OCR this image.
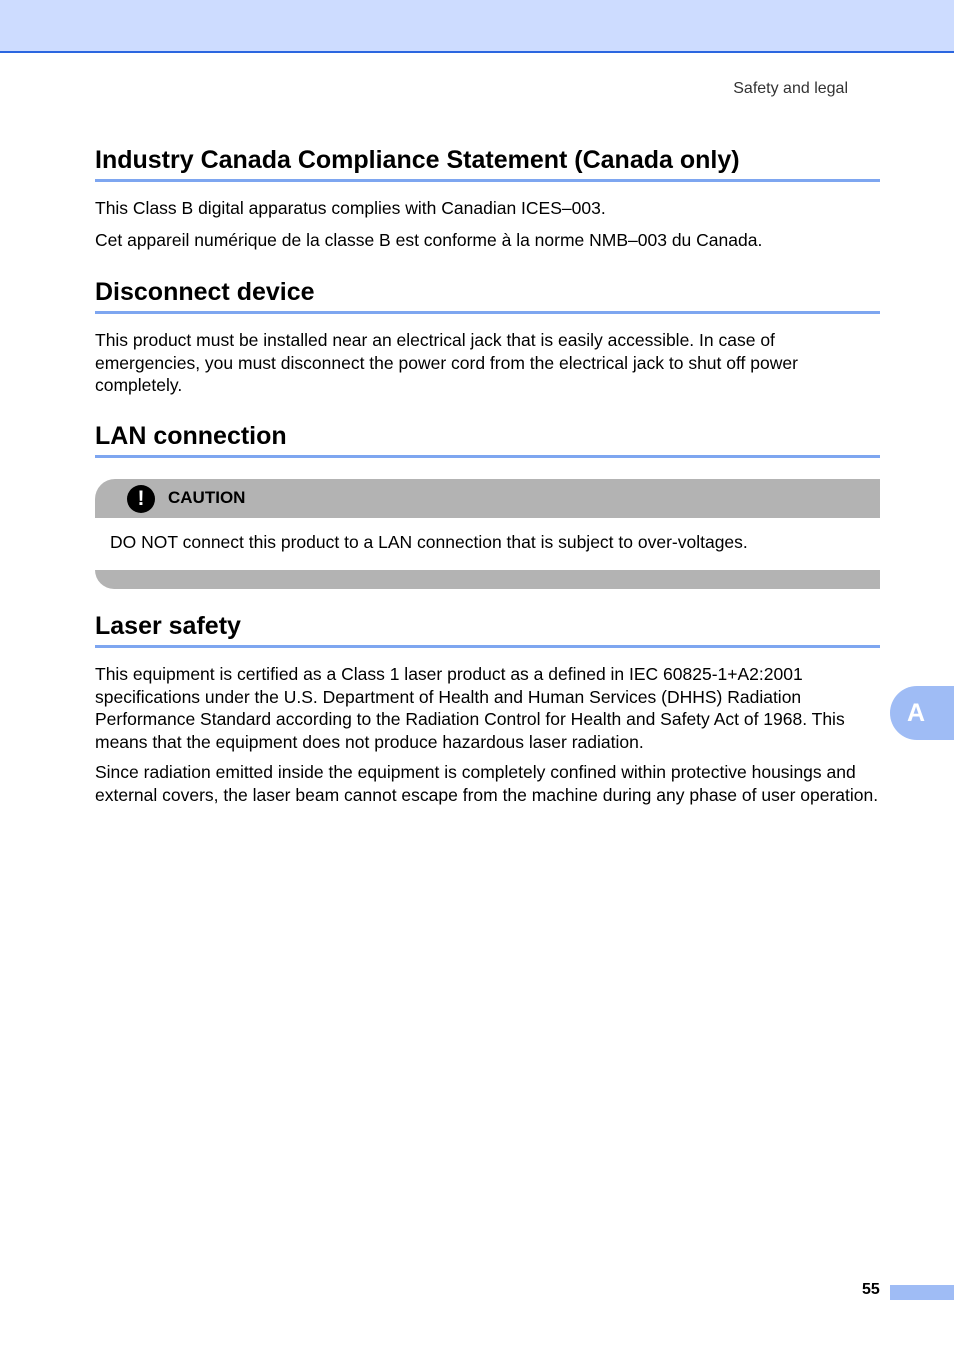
Safety and legal
Industry Canada Compliance Statement (Canada only)

This Class B digital apparatus complies with Canadian ICES–003.

Cet appareil numérique de la classe B est conforme à la norme NMB–003 du Canada.

Disconnect device

This product must be installed near an electrical jack that is easily accessible. In case of emergencies, you must disconnect the power cord from the electrical jack to shut off power completely.

LAN connection
!	CAUTION
DO NOT connect this product to a LAN connection that is subject to over-voltages.
Laser safety

This equipment is certified as a Class 1 laser product as a defined in IEC 60825-1+A2:2001 specifications under the U.S. Department of Health and Human Services (DHHS) Radiation Performance Standard according to the Radiation Control for Health and Safety Act of 1968. This means that the equipment does not produce hazardous laser radiation.

Since radiation emitted inside the equipment is completely confined within protective housings and external covers, the laser beam cannot escape from the machine during any phase of user operation.

A
55
